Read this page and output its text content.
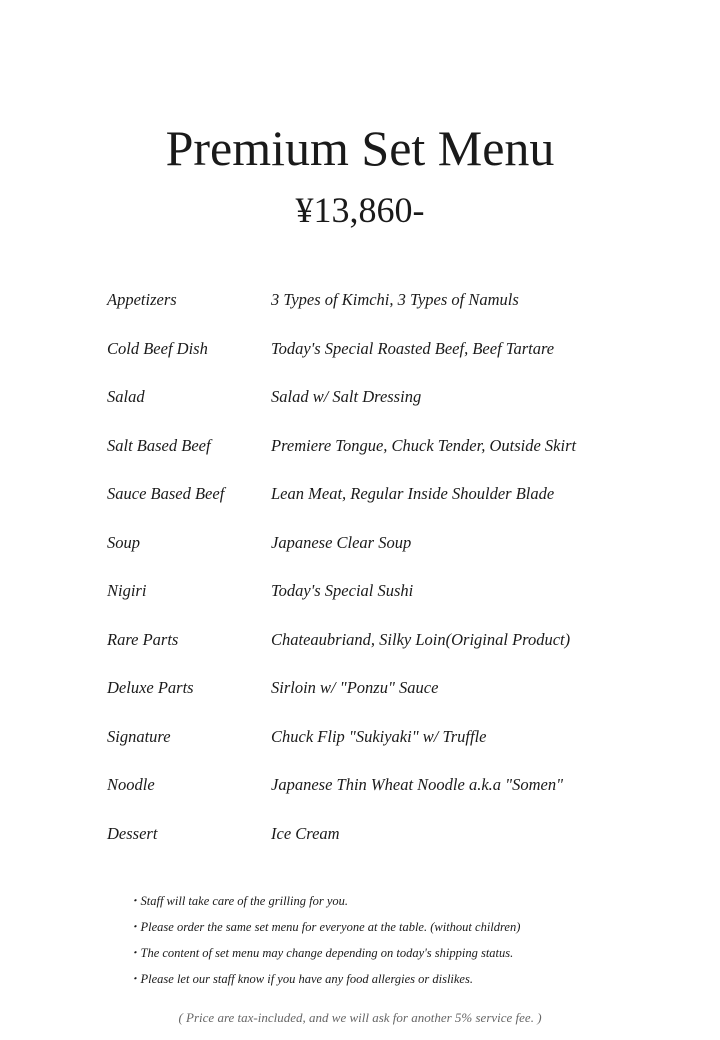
Premium Set Menu
¥13,860-
Appetizers	3 Types of Kimchi, 3 Types of Namuls
Cold Beef Dish	Today's Special Roasted Beef, Beef Tartare
Salad	Salad w/ Salt Dressing
Salt Based Beef	Premiere Tongue, Chuck Tender, Outside Skirt
Sauce Based Beef	Lean Meat, Regular Inside Shoulder Blade
Soup	Japanese Clear Soup
Nigiri	Today's Special Sushi
Rare Parts	Chateaubriand, Silky Loin(Original Product)
Deluxe Parts	Sirloin w/ "Ponzu" Sauce
Signature	Chuck Flip "Sukiyaki" w/ Truffle
Noodle	Japanese Thin Wheat Noodle a.k.a "Somen"
Dessert	Ice Cream
・Staff will take care of the grilling for you.
・Please order the same set menu for everyone at the table. (without children)
・The content of set menu may change depending on today's shipping status.
・Please let our staff know if you have any food allergies or dislikes.
( Price are tax-included, and we will ask for another 5% service fee. )
